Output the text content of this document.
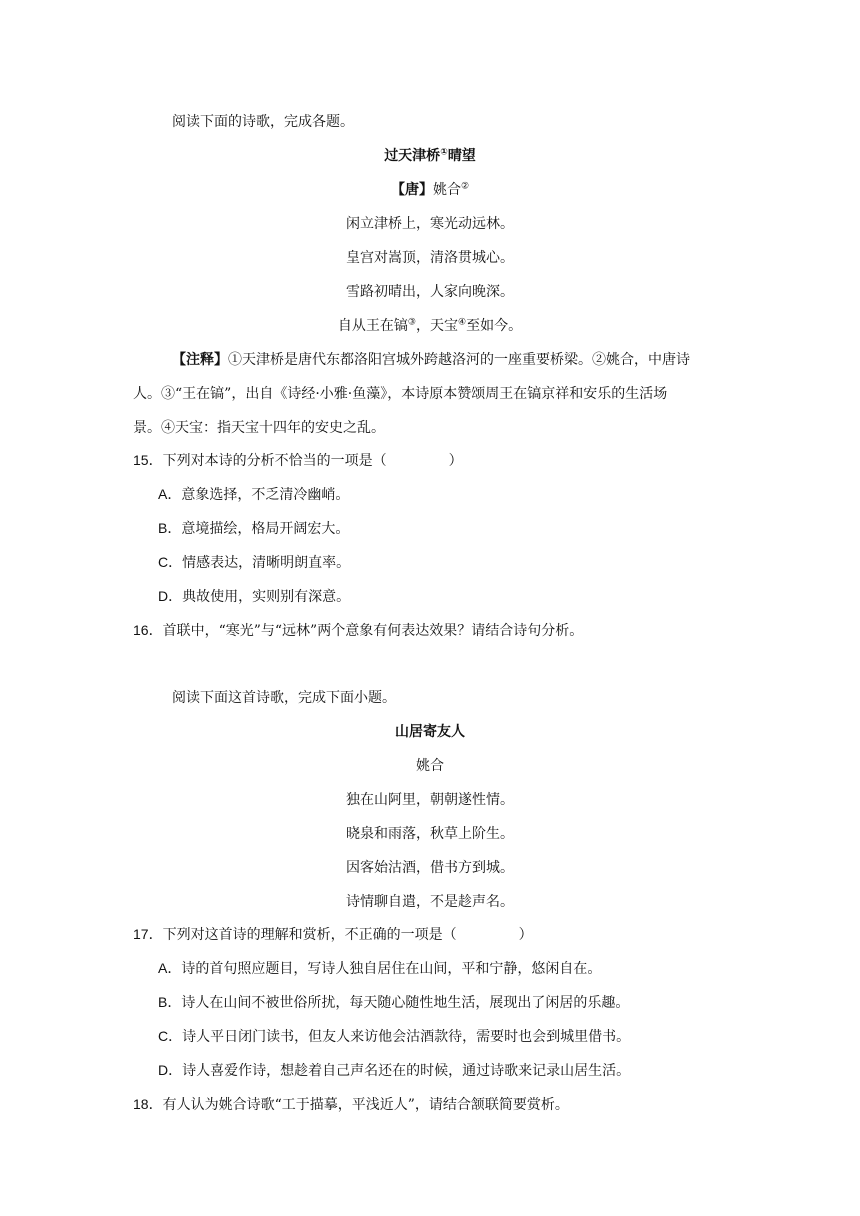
阅读下面的诗歌，完成各题。
过天津桥①晴望
【唐】姚合②
闲立津桥上，寒光动远林。
皇宫对嵩顶，清洛贯城心。
雪路初晴出，人家向晚深。
自从王在镐③，天宝④至如今。
【注释】①天津桥是唐代东都洛阳宫城外跨越洛河的一座重要桥梁。②姚合，中唐诗
人。③“王在镐”，出自《诗经·小雅·鱼藻》，本诗原本赞颂周王在镐京祥和安乐的生活场
景。④天宝：指天宝十四年的安史之乱。
15．下列对本诗的分析不恰当的一项是（	）
A．意象选择，不乏清冷幽峭。
B．意境描绘，格局开阔宏大。
C．情感表达，清晰明朗直率。
D．典故使用，实则别有深意。
16．首联中，“寒光”与“远林”两个意象有何表达效果？请结合诗句分析。
阅读下面这首诗歌，完成下面小题。
山居寄友人
姚合
独在山阿里，朝朝遂性情。
晓泉和雨落，秋草上阶生。
因客始沽酒，借书方到城。
诗情聊自遣，不是趁声名。
17．下列对这首诗的理解和赏析，不正确的一项是（	）
A．诗的首句照应题目，写诗人独自居住在山间，平和宁静，悠闲自在。
B．诗人在山间不被世俗所扰，每天随心随性地生活，展现出了闲居的乐趣。
C．诗人平日闭门读书，但友人来访他会沽酒款待，需要时也会到城里借书。
D．诗人喜爱作诗，想趁着自己声名还在的时候，通过诗歌来记录山居生活。
18．有人认为姚合诗歌“工于描摹，平浅近人”，请结合颔联简要赏析。
